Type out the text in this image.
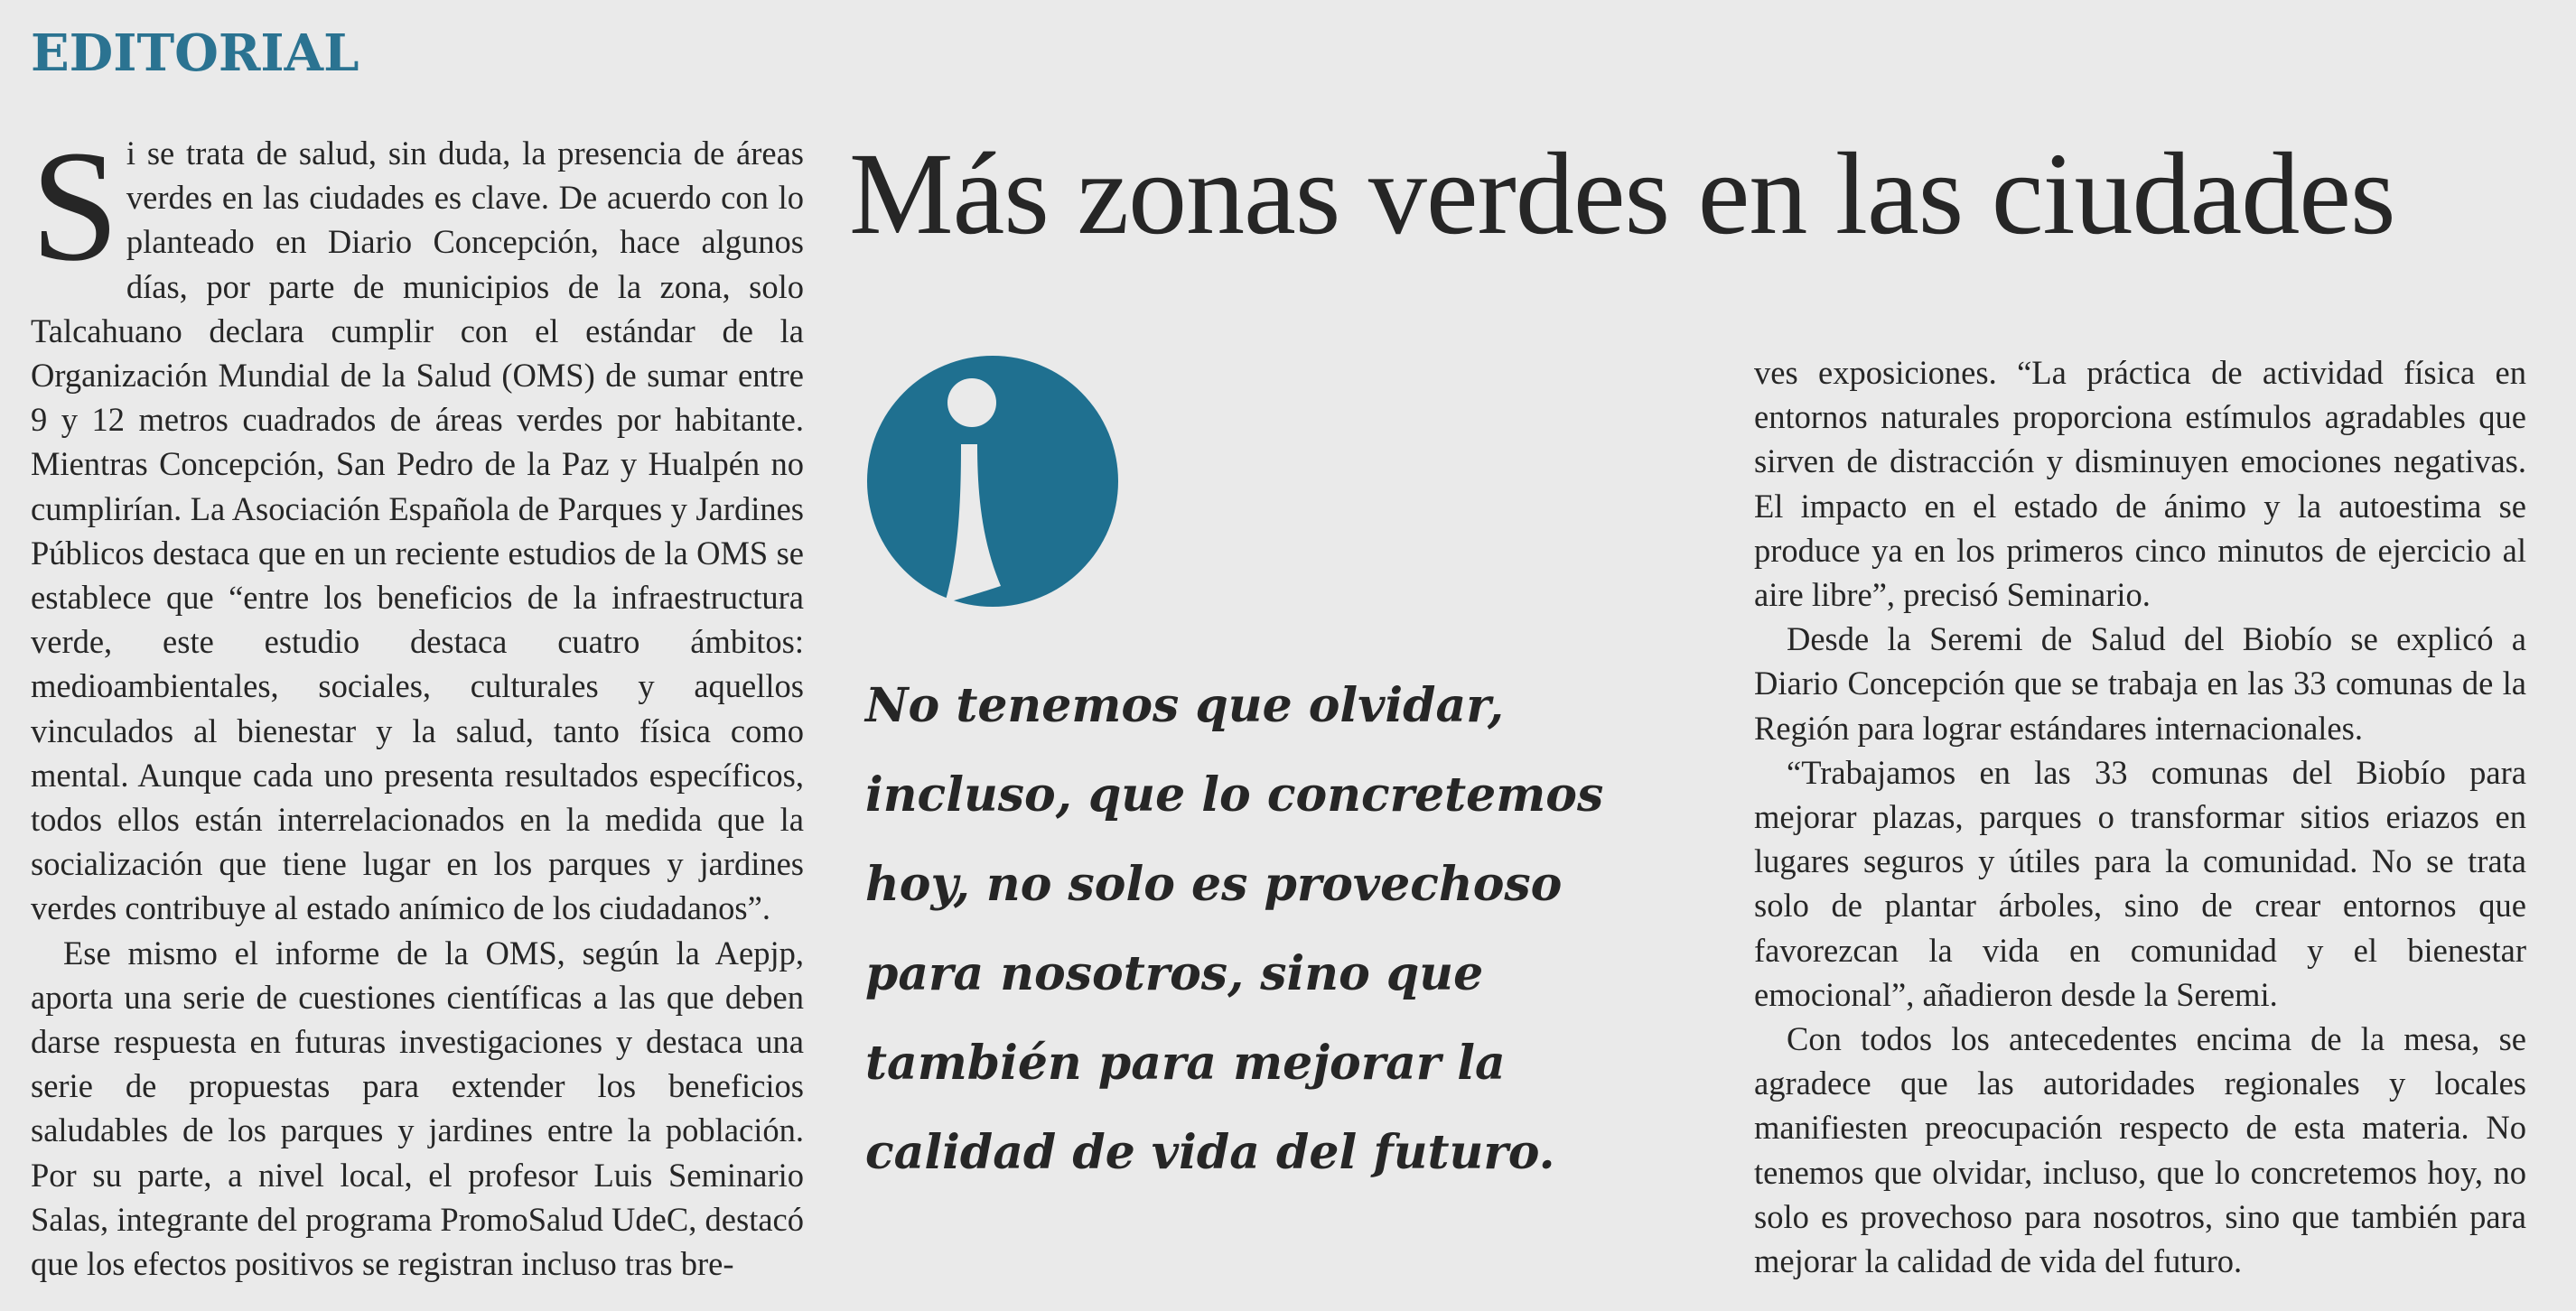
EDITORIAL

Si se trata de salud, sin duda, la presencia de áreas verdes en las ciudades es clave. De acuerdo con lo planteado en Diario Concepción, hace algunos días, por parte de municipios de la zona, solo Talcahuano declara cumplir con el estándar de la Organización Mundial de la Salud (OMS) de sumar entre 9 y 12 metros cuadrados de áreas verdes por habitante. Mientras Concepción, San Pedro de la Paz y Hualpén no cumplirían. La Asociación Española de Parques y Jardines Públicos destaca que en un reciente estudios de la OMS se establece que “entre los beneficios de la infraestructura verde, este estudio destaca cuatro ámbitos: medioambientales, sociales, culturales y aquellos vinculados al bienestar y la salud, tanto física como mental. Aunque cada uno presenta resultados específicos, todos ellos están interrelacionados en la medida que la socialización que tiene lugar en los parques y jardines verdes contribuye al estado anímico de los ciudadanos”.

Ese mismo el informe de la OMS, según la Aepjp, aporta una serie de cuestiones científicas a las que deben darse respuesta en futuras investigaciones y destaca una serie de propuestas para extender los beneficios saludables de los parques y jardines entre la población. Por su parte, a nivel local, el profesor Luis Seminario Salas, integrante del programa PromoSalud UdeC, destacó que los efectos positivos se registran incluso tras bre-

Más zonas verdes en las ciudades

No tenemos que olvidar, incluso, que lo concretemos hoy, no solo es provechoso para nosotros, sino que también para mejorar la calidad de vida del futuro.

ves exposiciones. “La práctica de actividad física en entornos naturales proporciona estímulos agradables que sirven de distracción y disminuyen emociones negativas. El impacto en el estado de ánimo y la autoestima se produce ya en los primeros cinco minutos de ejercicio al aire libre”, precisó Seminario.

Desde la Seremi de Salud del Biobío se explicó a Diario Concepción que se trabaja en las 33 comunas de la Región para lograr estándares internacionales.

“Trabajamos en las 33 comunas del Biobío para mejorar plazas, parques o transformar sitios eriazos en lugares seguros y útiles para la comunidad. No se trata solo de plantar árboles, sino de crear entornos que favorezcan la vida en comunidad y el bienestar emocional”, añadieron desde la Seremi.

Con todos los antecedentes encima de la mesa, se agradece que las autoridades regionales y locales manifiesten preocupación respecto de esta materia. No tenemos que olvidar, incluso, que lo concretemos hoy, no solo es provechoso para nosotros, sino que también para mejorar la calidad de vida del futuro.
